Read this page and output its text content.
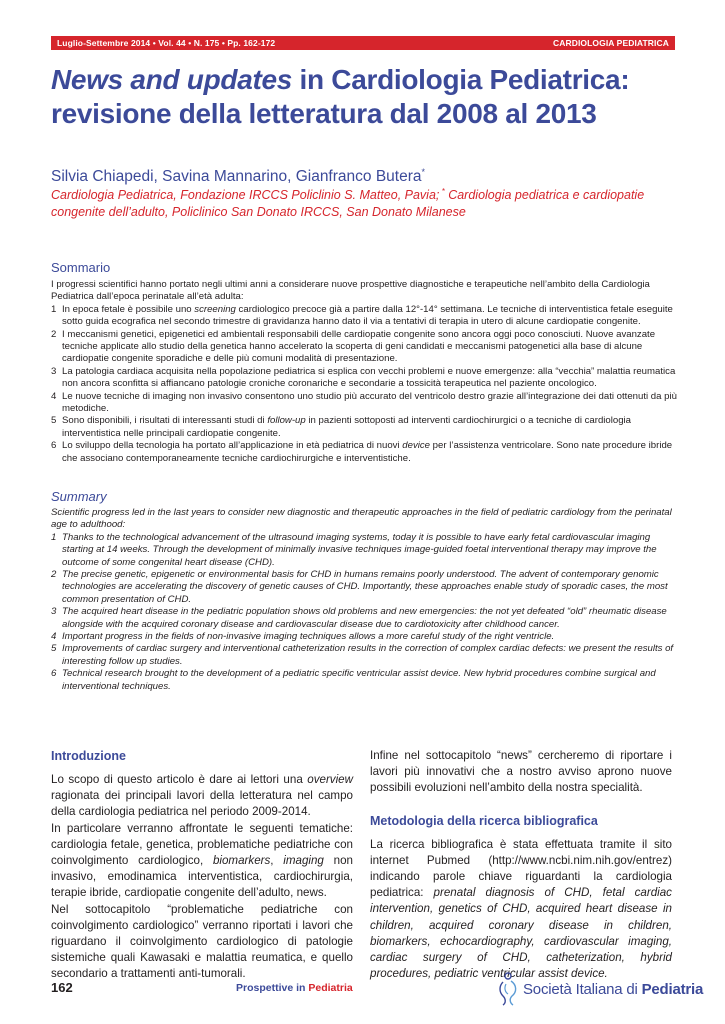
Luglio-Settembre 2014 • Vol. 44 • N. 175 • Pp. 162-172	CARDIOLOGIA PEDIATRICA
News and updates in Cardiologia Pediatrica:
revisione della letteratura dal 2008 al 2013
Silvia Chiapedi, Savina Mannarino, Gianfranco Butera*
Cardiologia Pediatrica, Fondazione IRCCS Policlinio S. Matteo, Pavia; * Cardiologia pediatrica e cardiopatie congenite dell’adulto, Policlinico San Donato IRCCS, San Donato Milanese
Sommario

I progressi scientifici hanno portato negli ultimi anni a considerare nuove prospettive diagnostiche e terapeutiche nell’ambito della Cardiologia Pediatrica dall’epoca perinatale all’età adulta:

1 In epoca fetale è possibile uno screening cardiologico precoce già a partire dalla 12°-14° settimana. Le tecniche di interventistica fetale eseguite sotto guida ecografica nel secondo trimestre di gravidanza hanno dato il via a tentativi di terapia in utero di alcune cardiopatie congenite.
2 I meccanismi genetici, epigenetici ed ambientali responsabili delle cardiopatie congenite sono ancora oggi poco conosciuti. Nuove avanzate tecniche applicate allo studio della genetica hanno accelerato la scoperta di geni candidati e meccanismi patogenetici alla base di alcune cardiopatie congenite sporadiche e delle più comuni modalità di presentazione.
3 La patologia cardiaca acquisita nella popolazione pediatrica si esplica con vecchi problemi e nuove emergenze: alla “vecchia” malattia reumatica non ancora sconfitta si affiancano patologie croniche coronariche e secondarie a tossicità terapeutica nel paziente oncologico.
4 Le nuove tecniche di imaging non invasivo consentono uno studio più accurato del ventricolo destro grazie all’integrazione dei dati ottenuti da più metodiche.
5 Sono disponibili, i risultati di interessanti studi di follow-up in pazienti sottoposti ad interventi cardiochirurgici o a tecniche di cardiologia interventistica nelle principali cardiopatie congenite.
6 Lo sviluppo della tecnologia ha portato all’applicazione in età pediatrica di nuovi device per l’assistenza ventricolare. Sono nate procedure ibride che associano contemporaneamente tecniche cardiochirurgiche e interventistiche.
Summary

Scientific progress led in the last years to consider new diagnostic and therapeutic approaches in the field of pediatric cardiology from the perinatal age to adulthood:

1 Thanks to the technological advancement of the ultrasound imaging systems, today it is possible to have early fetal cardiovascular imaging starting at 14 weeks. Through the development of minimally invasive techniques image-guided foetal interventional therapy may improve the outcome of some congenital heart disease (CHD).
2 The precise genetic, epigenetic or environmental basis for CHD in humans remains poorly understood. The advent of contemporary genomic technologies are accelerating the discovery of genetic causes of CHD. Importantly, these approaches enable study of sporadic cases, the most common presentation of CHD.
3 The acquired heart disease in the pediatric population shows old problems and new emergencies: the not yet defeated “old” rheumatic disease alongside with the acquired coronary disease and cardiovascular disease due to cardiotoxicity after childhood cancer.
4 Important progress in the fields of non-invasive imaging techniques allows a more careful study of the right ventricle.
5 Improvements of cardiac surgery and interventional catheterization results in the correction of complex cardiac defects: we present the results of interesting follow up studies.
6 Technical research brought to the development of a pediatric specific ventricular assist device. New hybrid procedures combine surgical and interventional techniques.
Introduzione

Lo scopo di questo articolo è dare ai lettori una overview ragionata dei principali lavori della letteratura nel campo della cardiologia pediatrica nel periodo 2009-2014.

In particolare verranno affrontate le seguenti tematiche: cardiologia fetale, genetica, problematiche pediatriche con coinvolgimento cardiologico, biomarkers, imaging non invasivo, emodinamica interventistica, cardiochirurgia, terapie ibride, cardiopatie congenite dell’adulto, news.

Nel sottocapitolo “problematiche pediatriche con coinvolgimento cardiologico” verranno riportati i lavori che riguardano il coinvolgimento cardiologico di patologie sistemiche quali Kawasaki e malattia reumatica, e quello secondario a trattamenti anti-tumorali.

Infine nel sottocapitolo “news” cercheremo di riportare i lavori più innovativi che a nostro avviso aprono nuove possibili evoluzioni nell’ambito della nostra specialità.

Metodologia della ricerca bibliografica

La ricerca bibliografica è stata effettuata tramite il sito internet Pubmed (http://www.ncbi.nim.nih.gov/entrez) indicando parole chiave riguardanti la cardiologia pediatrica: prenatal diagnosis of CHD, fetal cardiac intervention, genetics of CHD, acquired heart disease in children, acquired coronary disease in children, biomarkers, echocardiography, cardiovascular imaging, cardiac surgery of CHD, catheterization, hybrid procedures, pediatric ventricular assist device.

162	Prospettive in Pediatria	Società Italiana di Pediatria
